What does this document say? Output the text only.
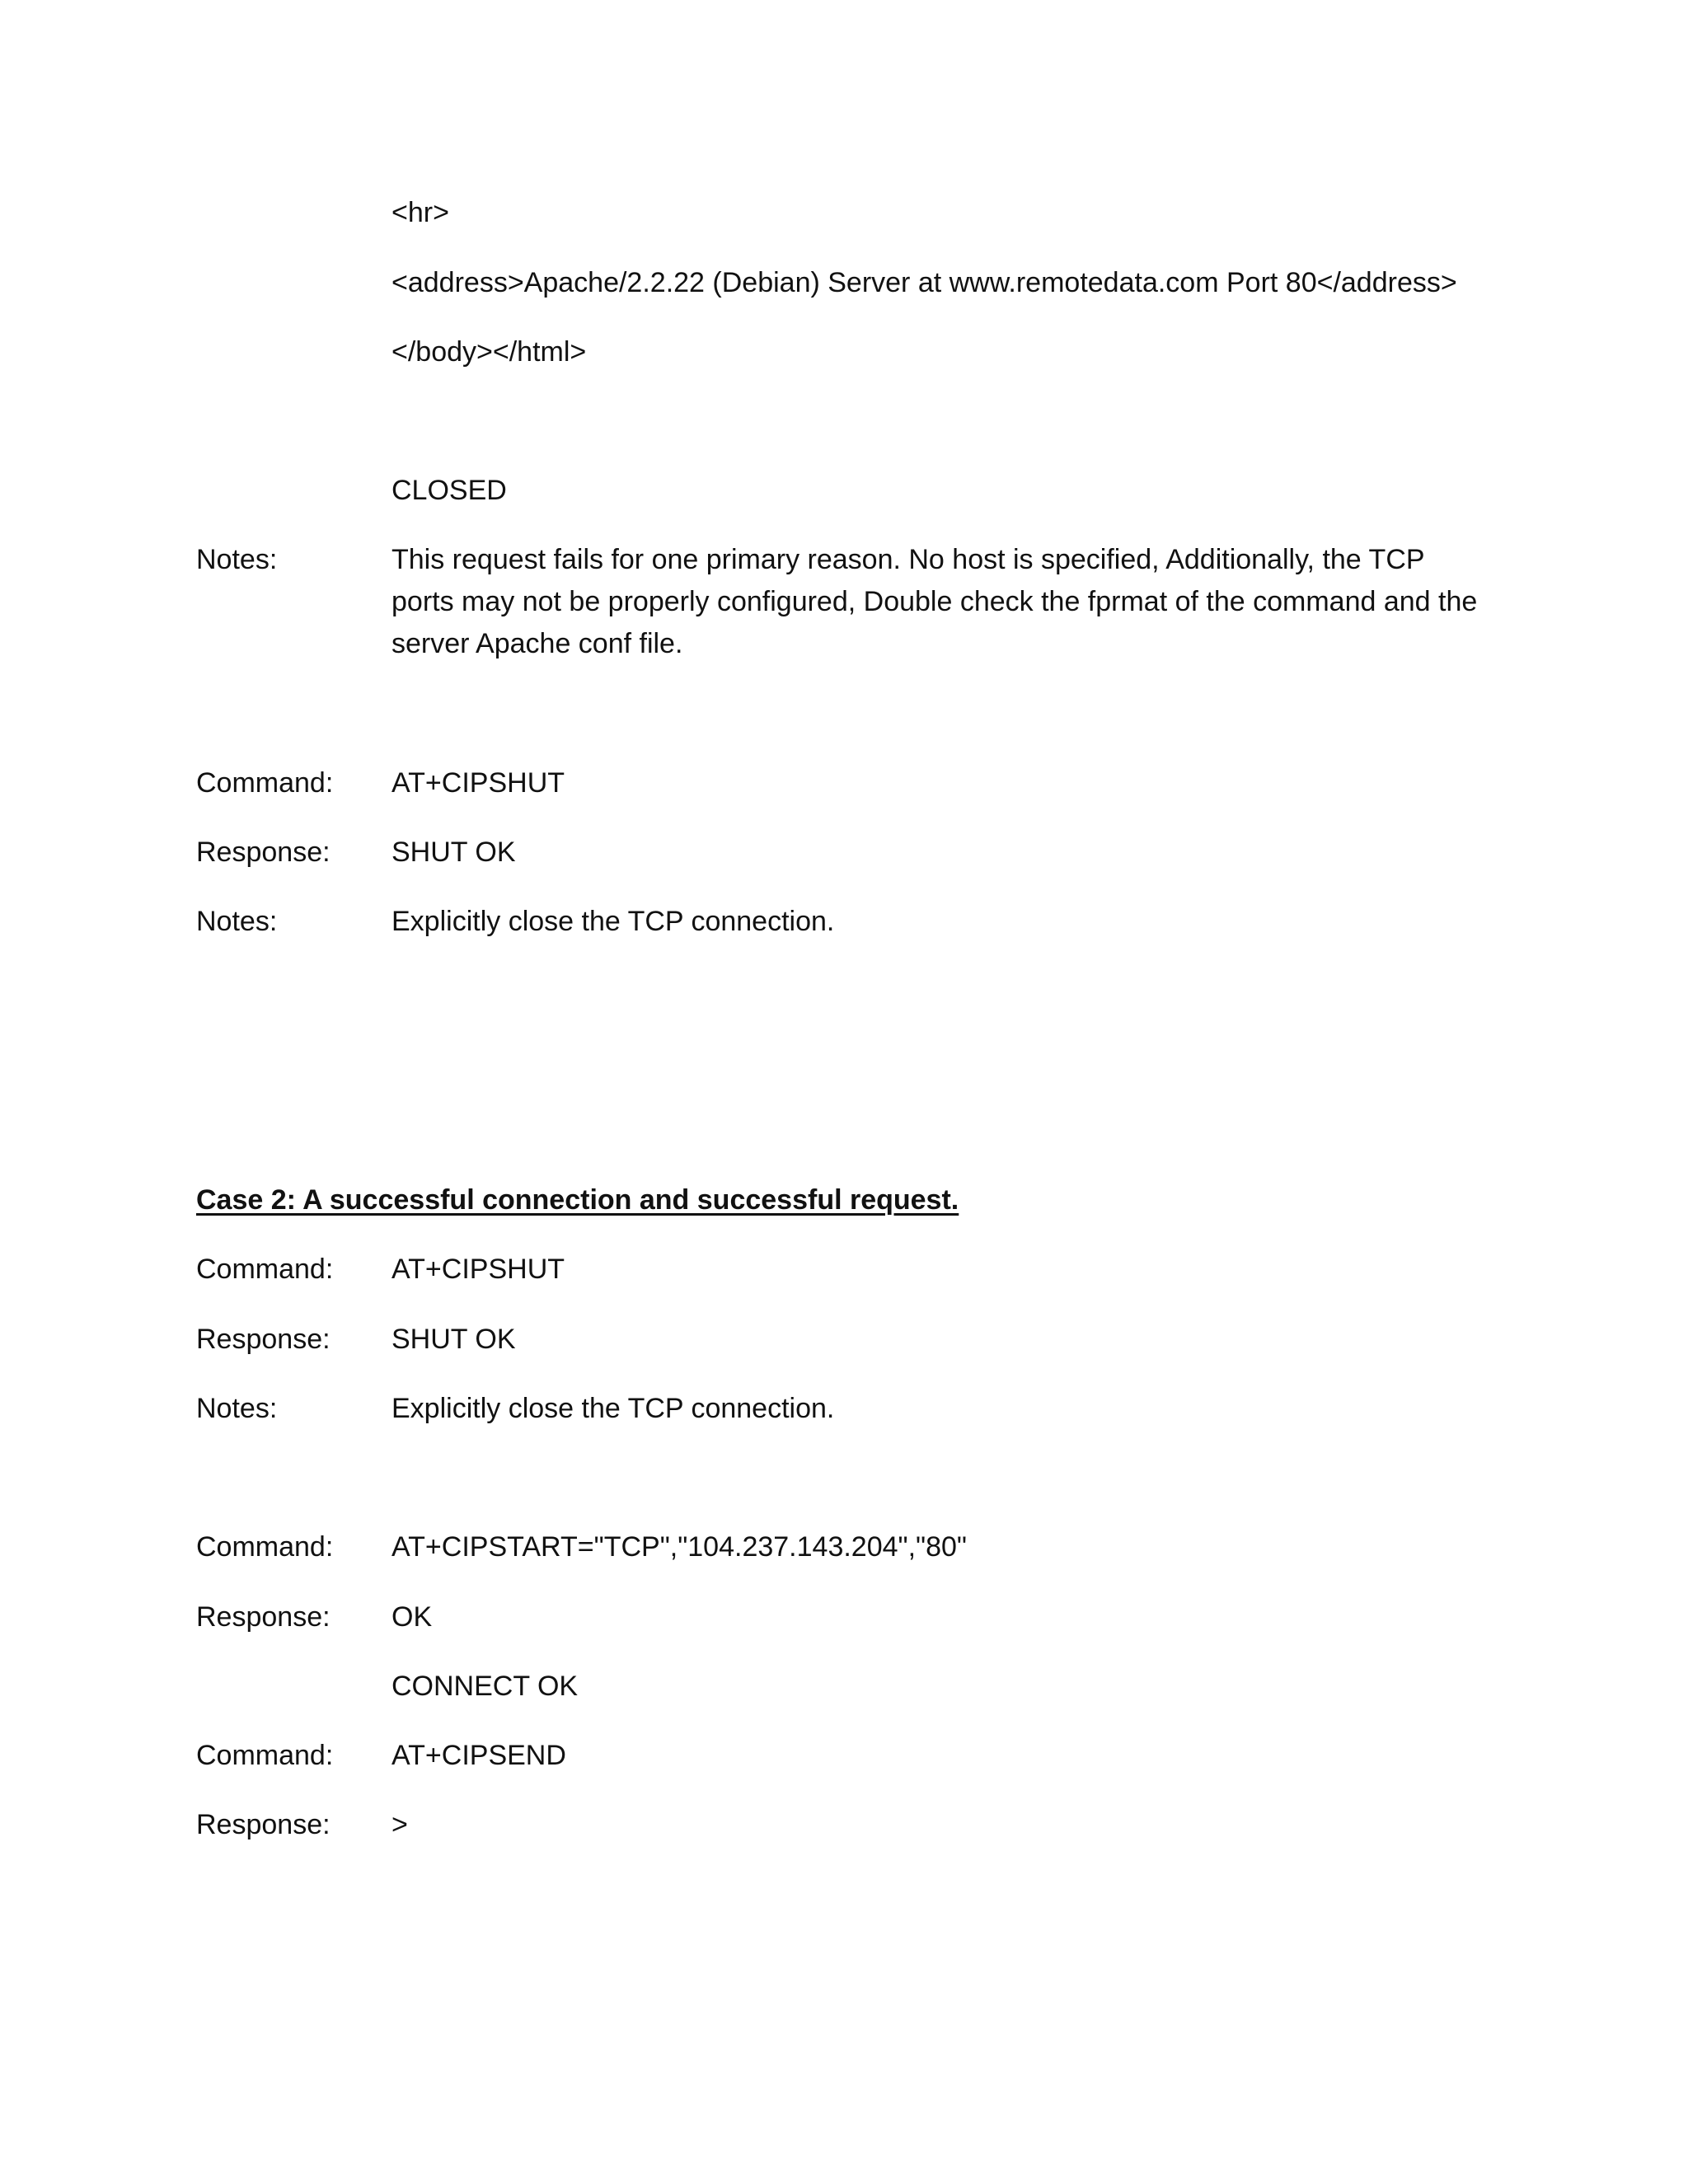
<hr>
<address>Apache/2.2.22 (Debian) Server at www.remotedata.com Port 80</address>
</body></html>
CLOSED
Notes:	This request fails for one primary reason. No host is specified, Additionally, the TCP ports may not be properly configured, Double check the fprmat of the command and the server Apache conf file.
Command: AT+CIPSHUT
Response: SHUT OK
Notes:	Explicitly close the TCP connection.
Case 2: A successful connection and successful request.
Command: AT+CIPSHUT
Response: SHUT OK
Notes:	Explicitly close the TCP connection.
Command: AT+CIPSTART="TCP","104.237.143.204","80"
Response: OK
CONNECT OK
Command: AT+CIPSEND
Response: >
